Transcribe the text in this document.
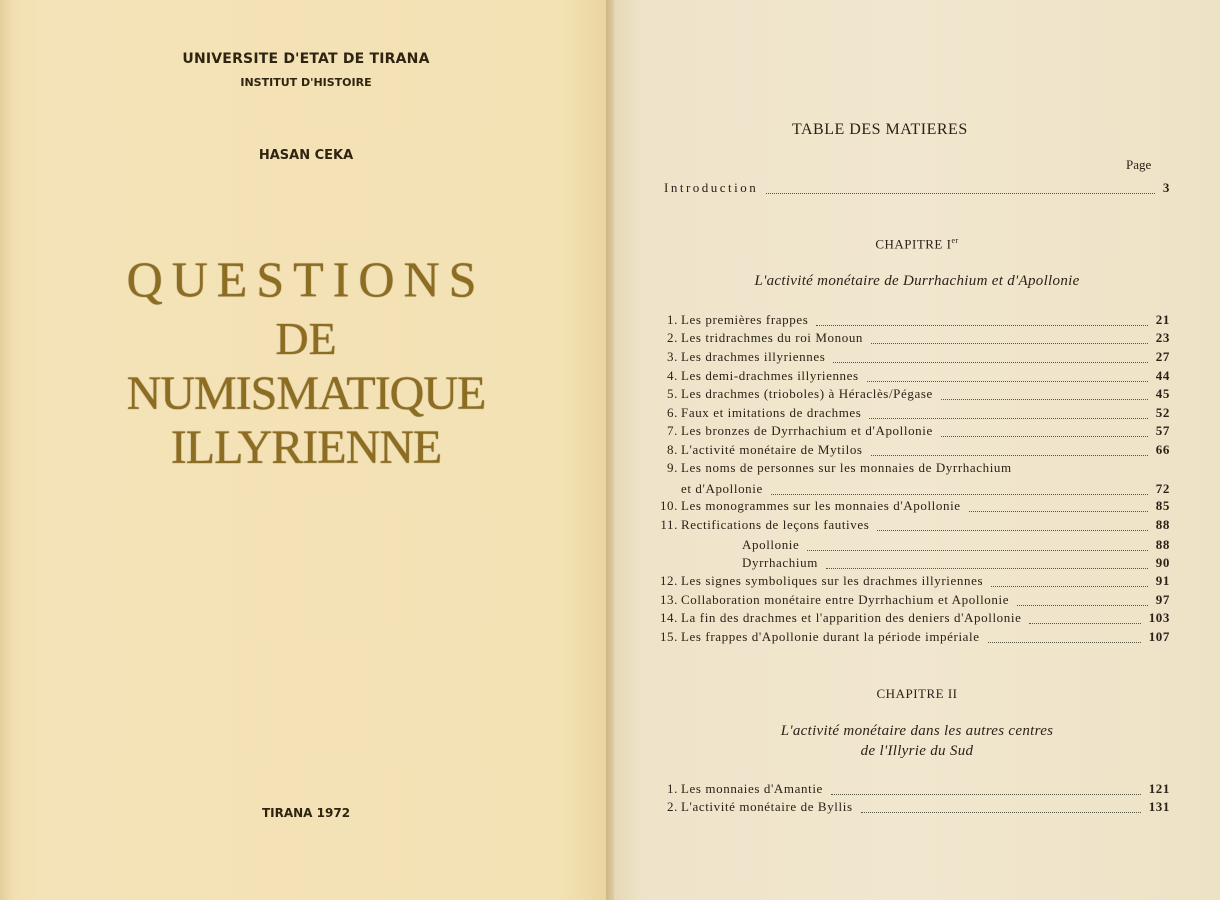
UNIVERSITE D'ETAT DE TIRANA
INSTITUT D'HISTOIRE
HASAN CEKA
QUESTIONS
DE
NUMISMATIQUE
ILLYRIENNE
TIRANA 1972
TABLE DES MATIERES
Page
Introduction	3
CHAPITRE Ier
L'activité monétaire de Durrhachium et d'Apollonie
1. Les premières frappes	21
2. Les tridrachmes du roi Monoun	23
3. Les drachmes illyriennes	27
4. Les demi-drachmes illyriennes	44
5. Les drachmes (trioboles) à Héraclès/Pégase	45
6. Faux et imitations de drachmes	52
7. Les bronzes de Dyrrhachium et d'Apollonie	57
8. L'activité monétaire de Mytilos	66
9. Les noms de personnes sur les monnaies de Dyrrhachium
et d'Apollonie	72
10. Les monogrammes sur les monnaies d'Apollonie	85
11. Rectifications de leçons fautives	88
Apollonie	88
Dyrrhachium	90
12. Les signes symboliques sur les drachmes illyriennes	91
13. Collaboration monétaire entre Dyrrhachium et Apollonie	97
14. La fin des drachmes et l'apparition des deniers d'Apollonie	103
15. Les frappes d'Apollonie durant la période impériale	107
CHAPITRE II
L'activité monétaire dans les autres centres
de l'Illyrie du Sud
1. Les monnaies d'Amantie	121
2. L'activité monétaire de Byllis	131
